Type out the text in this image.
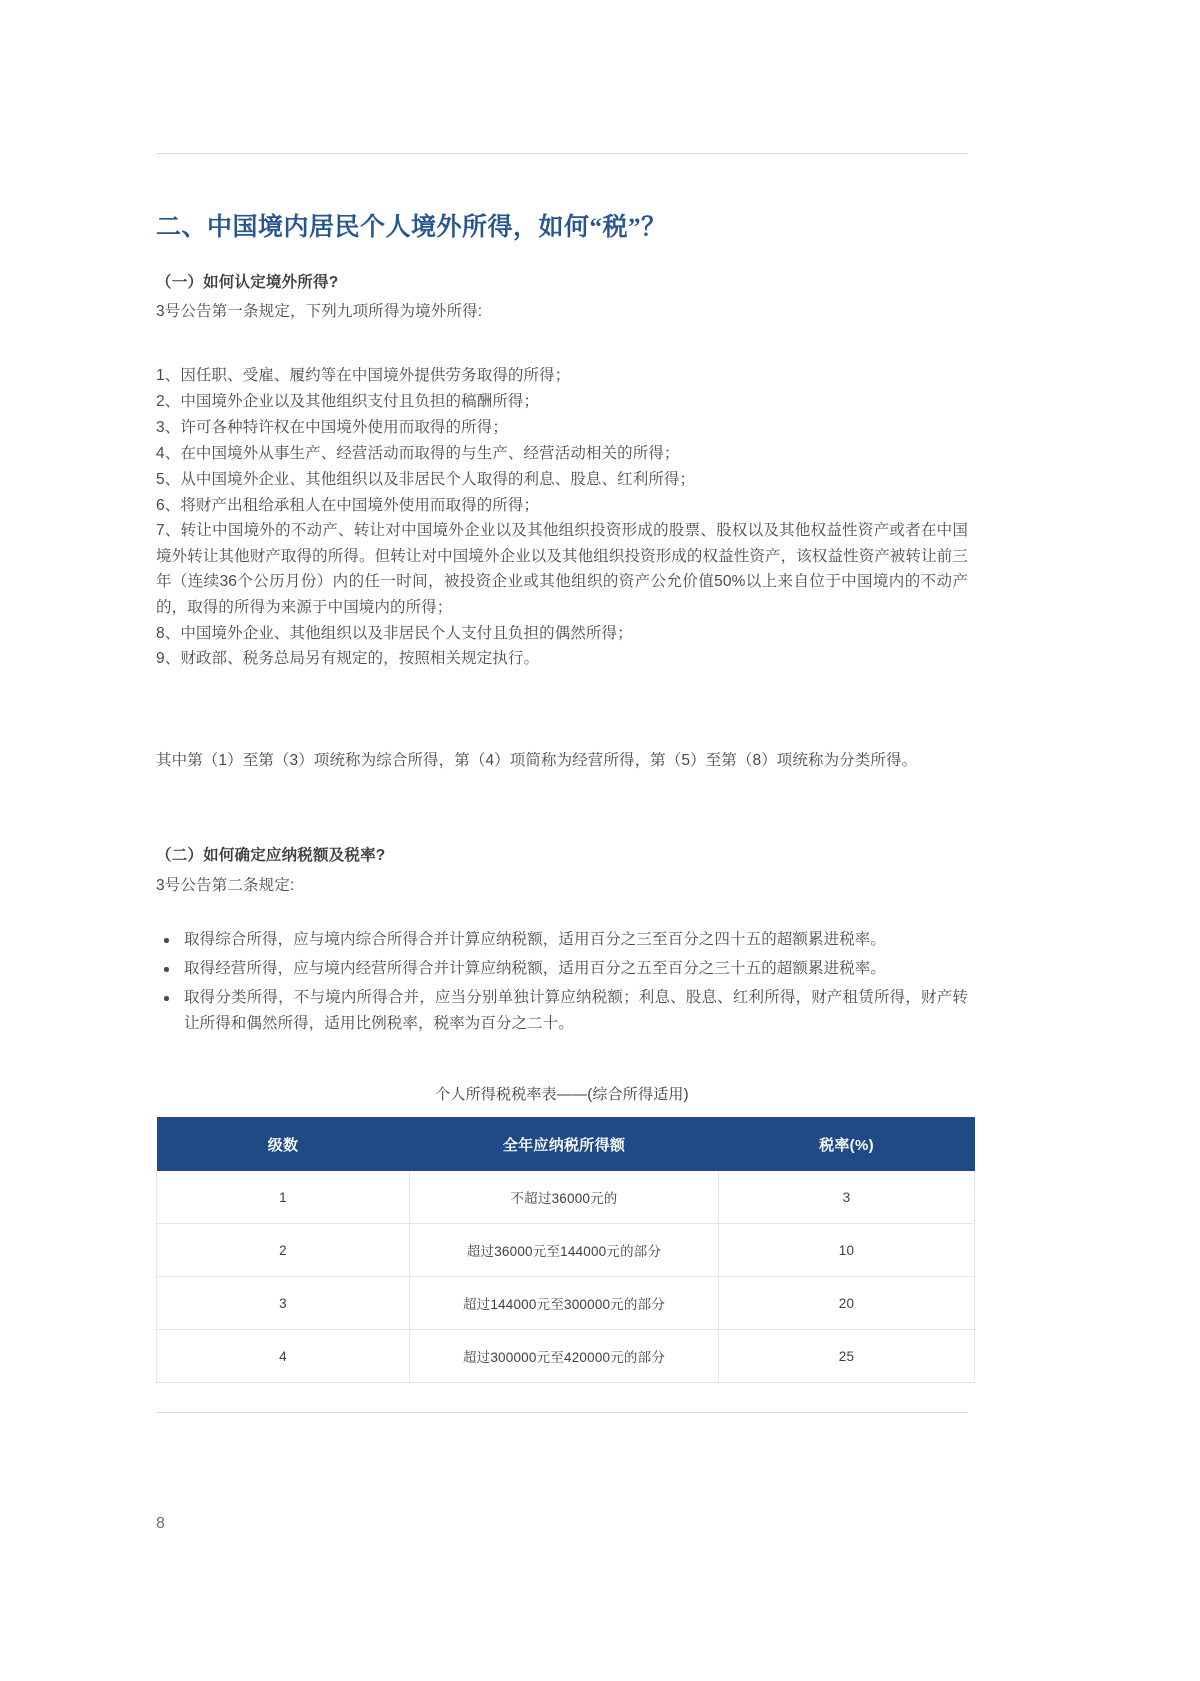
二、中国境内居民个人境外所得，如何“税”？
（一）如何认定境外所得?
3号公告第一条规定，下列九项所得为境外所得:

1、因任职、受雇、履约等在中国境外提供劳务取得的所得；

2、中国境外企业以及其他组织支付且负担的稿酬所得；

3、许可各种特许权在中国境外使用而取得的所得；

4、在中国境外从事生产、经营活动而取得的与生产、经营活动相关的所得；

5、从中国境外企业、其他组织以及非居民个人取得的利息、股息、红利所得；

6、将财产出租给承租人在中国境外使用而取得的所得；

7、转让中国境外的不动产、转让对中国境外企业以及其他组织投资形成的股票、股权以及其他权益性资产或者在中国境外转让其他财产取得的所得。但转让对中国境外企业以及其他组织投资形成的权益性资产，该权益性资产被转让前三年（连续36个公历月份）内的任一时间，被投资企业或其他组织的资产公允价值50%以上来自位于中国境内的不动产的，取得的所得为来源于中国境内的所得；

8、中国境外企业、其他组织以及非居民个人支付且负担的偶然所得；

9、财政部、税务总局另有规定的，按照相关规定执行。

其中第（1）至第（3）项统称为综合所得，第（4）项简称为经营所得，第（5）至第（8）项统称为分类所得。
（二）如何确定应纳税额及税率?
3号公告第二条规定:
取得综合所得，应与境内综合所得合并计算应纳税额，适用百分之三至百分之四十五的超额累进税率。
取得经营所得，应与境内经营所得合并计算应纳税额，适用百分之五至百分之三十五的超额累进税率。
取得分类所得，不与境内所得合并，应当分别单独计算应纳税额；利息、股息、红利所得，财产租赁所得，财产转让所得和偶然所得，适用比例税率，税率为百分之二十。
个人所得税税率表——(综合所得适用)
级数	全年应纳税所得额	税率(%)
1	不超过36000元的	3
2	超过36000元至144000元的部分	10
3	超过144000元至300000元的部分	20
4	超过300000元至420000元的部分	25
8
